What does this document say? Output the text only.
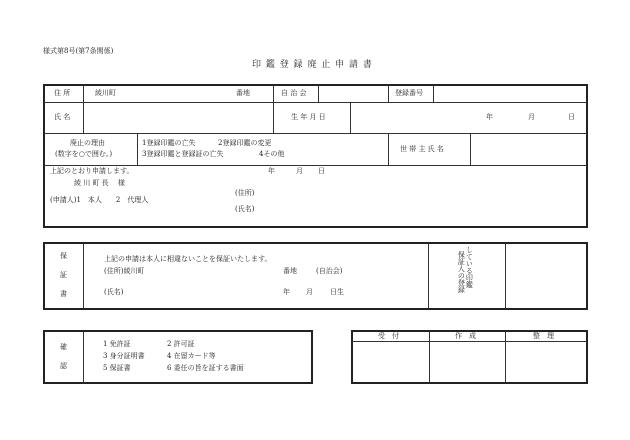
様式第8号(第7条関係)
印 鑑 登 録 廃 止 申 請 書
住 所	綾川町	番地	自 治 会	登録番号
氏 名	生 年 月 日	年	月	日
廃止の理由
(数字を○で囲む。)
1登録印鑑の亡失	2登録印鑑の変更
3登録印鑑と登録証の亡失	4その他
世 帯 主 氏 名
上記のとおり申請します。	年	月 日
綾 川 町 長　 様
(申請人)1　本人　　2　代理人
(住所)
(氏名)
保
証
書
上記の申請は本人に相違ないことを保証いたします。
(住所)綾川町	番地	(自治会)
(氏名)	年 月 日生	保証人の登録 している印鑑
確
認
1 免許証	2 許可証
3 身分証明書	4 在留カード等
5 保証書	6 委任の旨を証する書面
受　付	作　成	整　理
